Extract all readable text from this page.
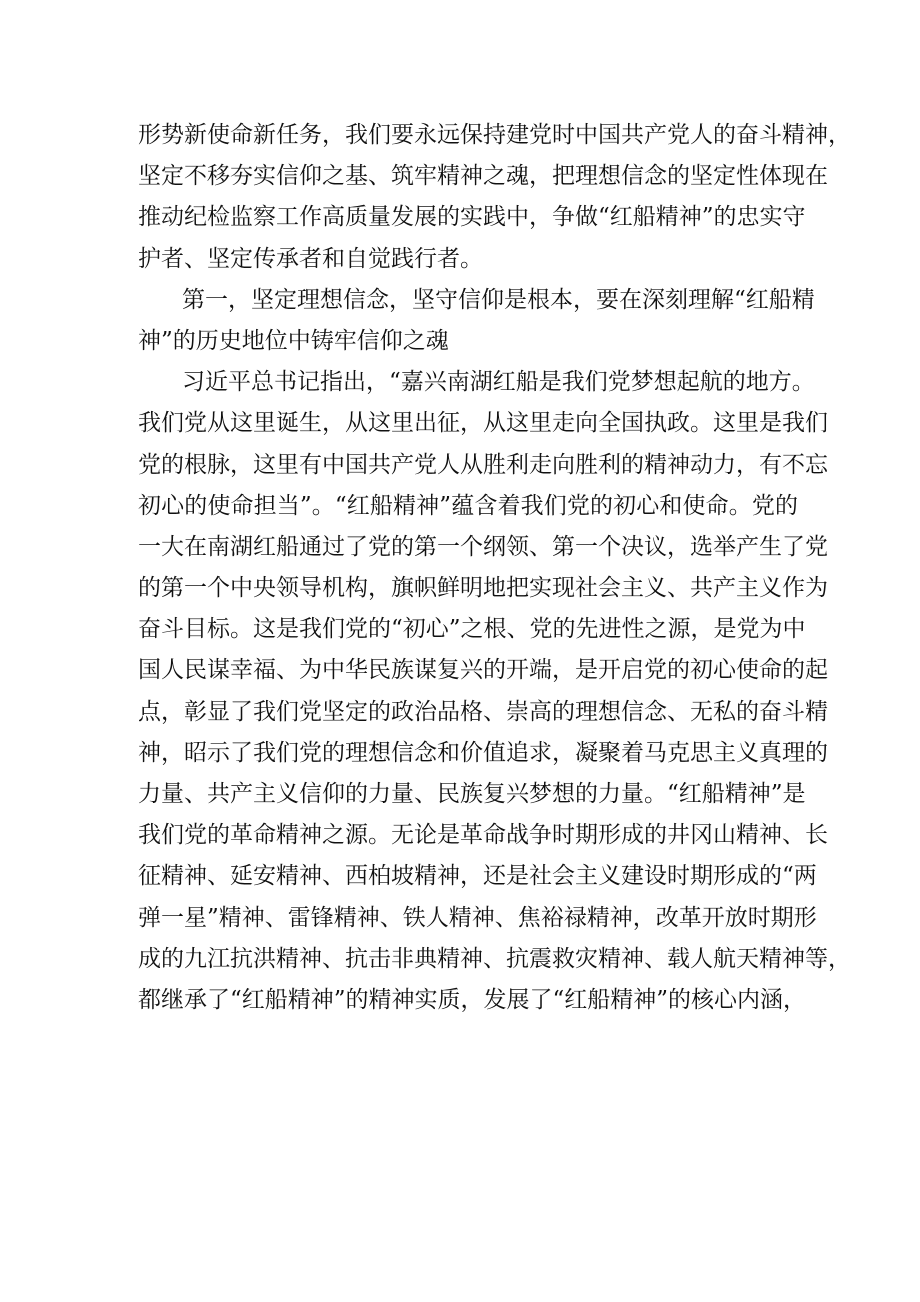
形势新使命新任务，我们要永远保持建党时中国共产党人的奋斗精神，
坚定不移夯实信仰之基、筑牢精神之魂，把理想信念的坚定性体现在
推动纪检监察工作高质量发展的实践中，争做“红船精神”的忠实守
护者、坚定传承者和自觉践行者。
第一，坚定理想信念，坚守信仰是根本，要在深刻理解“红船精
神”的历史地位中铸牢信仰之魂
习近平总书记指出，“嘉兴南湖红船是我们党梦想起航的地方。
我们党从这里诞生，从这里出征，从这里走向全国执政。这里是我们
党的根脉，这里有中国共产党人从胜利走向胜利的精神动力，有不忘
初心的使命担当”。“红船精神”蕴含着我们党的初心和使命。党的
一大在南湖红船通过了党的第一个纲领、第一个决议，选举产生了党
的第一个中央领导机构，旗帜鲜明地把实现社会主义、共产主义作为
奋斗目标。这是我们党的“初心”之根、党的先进性之源，是党为中
国人民谋幸福、为中华民族谋复兴的开端，是开启党的初心使命的起
点，彰显了我们党坚定的政治品格、崇高的理想信念、无私的奋斗精
神，昭示了我们党的理想信念和价值追求，凝聚着马克思主义真理的
力量、共产主义信仰的力量、民族复兴梦想的力量。“红船精神”是
我们党的革命精神之源。无论是革命战争时期形成的井冈山精神、长
征精神、延安精神、西柏坡精神，还是社会主义建设时期形成的“两
弹一星”精神、雷锋精神、铁人精神、焦裕禄精神，改革开放时期形
成的九江抗洪精神、抗击非典精神、抗震救灾精神、载人航天精神等，
都继承了“红船精神”的精神实质，发展了“红船精神”的核心内涵，
